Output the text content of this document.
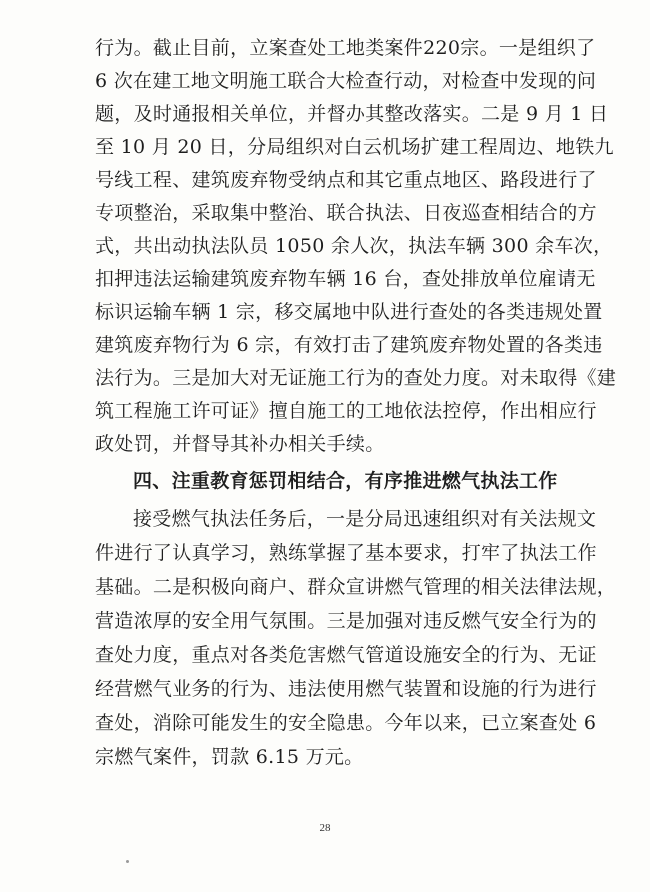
行为。截止目前，立案查处工地类案件220宗。一是组织了
6 次在建工地文明施工联合大检查行动，对检查中发现的问
题，及时通报相关单位，并督办其整改落实。二是 9 月 1 日
至 10 月 20 日，分局组织对白云机场扩建工程周边、地铁九
号线工程、建筑废弃物受纳点和其它重点地区、路段进行了
专项整治，采取集中整治、联合执法、日夜巡查相结合的方
式，共出动执法队员 1050 余人次，执法车辆 300 余车次，
扣押违法运输建筑废弃物车辆 16 台，查处排放单位雇请无
标识运输车辆 1 宗，移交属地中队进行查处的各类违规处置
建筑废弃物行为 6 宗，有效打击了建筑废弃物处置的各类违
法行为。三是加大对无证施工行为的查处力度。对未取得《建
筑工程施工许可证》擅自施工的工地依法控停，作出相应行
政处罚，并督导其补办相关手续。
四、注重教育惩罚相结合，有序推进燃气执法工作
接受燃气执法任务后，一是分局迅速组织对有关法规文
件进行了认真学习，熟练掌握了基本要求，打牢了执法工作
基础。二是积极向商户、群众宣讲燃气管理的相关法律法规，
营造浓厚的安全用气氛围。三是加强对违反燃气安全行为的
查处力度，重点对各类危害燃气管道设施安全的行为、无证
经营燃气业务的行为、违法使用燃气装置和设施的行为进行
查处，消除可能发生的安全隐患。今年以来，已立案查处 6
宗燃气案件，罚款 6.15 万元。
28
